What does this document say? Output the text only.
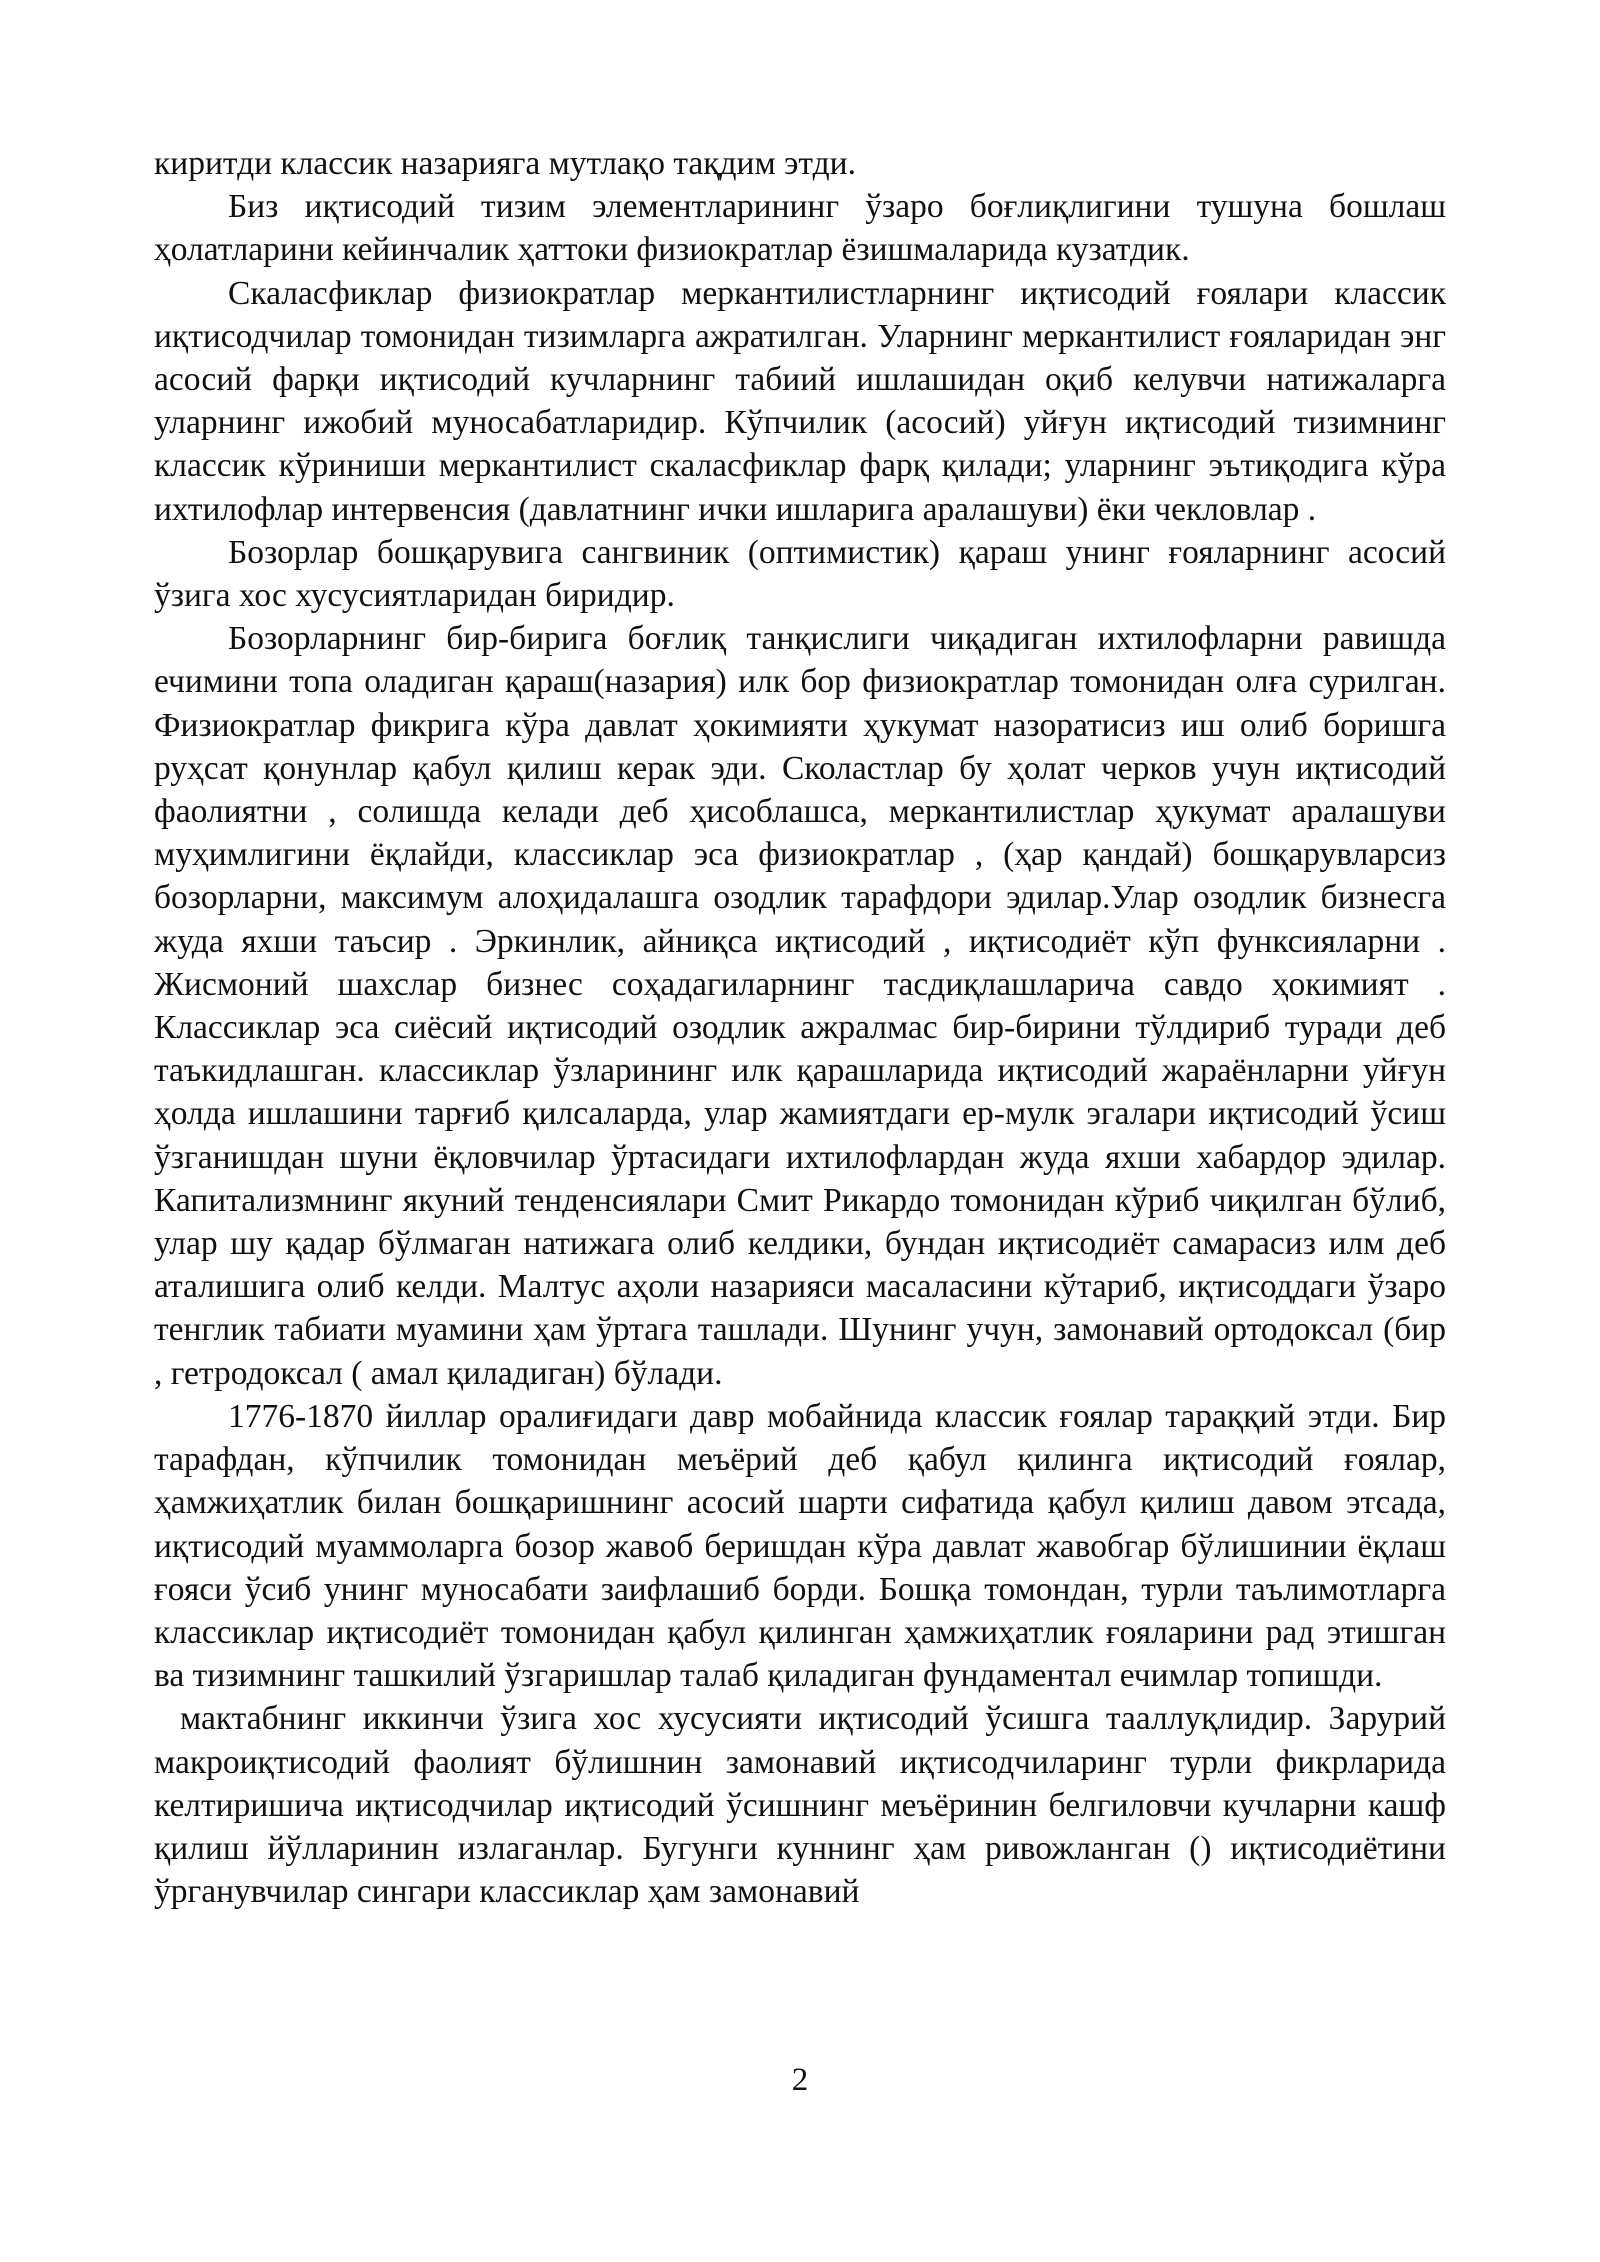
киритди классик назарияга мутлақо тақдим этди.

Биз иқтисодий тизим элементларининг ўзаро боғлиқлигини тушуна бошлаш ҳолатларини кейинчалик ҳаттоки физиократлар ёзишмаларида кузатдик.

Скаласфиклар физиократлар меркантилистларнинг иқтисодий ғоялари классик иқтисодчилар томонидан тизимларга ажратилган. Уларнинг меркантилист ғояларидан энг асосий фарқи иқтисодий кучларнинг табиий ишлашидан оқиб келувчи натижаларга уларнинг ижобий муносабатларидир. Кўпчилик (асосий) уйғун иқтисодий тизимнинг классик кўриниши меркантилист скаласфиклар фарқ қилади; уларнинг эътиқодига кўра ихтилофлар интервенсия (давлатнинг ички ишларига аралашуви) ёки чекловлар .

Бозорлар бошқарувига сангвиник (оптимистик) қараш унинг ғояларнинг асосий ўзига хос хусусиятларидан биридир.

Бозорларнинг бир-бирига боғлиқ танқислиги чиқадиган ихтилофларни равишда ечимини топа оладиган қараш(назария) илк бор физиократлар томонидан олға сурилган. Физиократлар фикрига кўра давлат ҳокимияти ҳукумат назоратисиз иш олиб боришга руҳсат қонунлар қабул қилиш керак эди. Сколастлар бу ҳолат черков учун иқтисодий фаолиятни , солишда келади деб ҳисоблашса, меркантилистлар ҳукумат аралашуви муҳимлигини ёқлайди, классиклар эса физиократлар , (ҳар қандай) бошқарувларсиз бозорларни, максимум алоҳидалашга озодлик тарафдори эдилар.Улар озодлик бизнесга жуда яхши таъсир . Эркинлик, айниқса иқтисодий , иқтисодиёт кўп функсияларни . Жисмоний шахслар бизнес соҳадагиларнинг тасдиқлашларича савдо ҳокимият . Классиклар эса сиёсий иқтисодий озодлик ажралмас бир-бирини тўлдириб туради деб таъкидлашган. классиклар ўзларининг илк қарашларида иқтисодий жараёнларни уйғун ҳолда ишлашини тарғиб қилсаларда, улар жамиятдаги ер-мулк эгалари иқтисодий ўсиш ўзганишдан шуни ёқловчилар ўртасидаги ихтилофлардан жуда яхши хабардор эдилар. Капитализмнинг якуний тенденсиялари Смит Рикардо томонидан кўриб чиқилган бўлиб, улар шу қадар бўлмаган натижага олиб келдики, бундан иқтисодиёт самарасиз илм деб аталишига олиб келди. Малтус аҳоли назарияси масаласини кўтариб, иқтисоддаги ўзаро тенглик табиати муамини ҳам ўртага ташлади. Шунинг учун, замонавий ортодоксал (бир , гетродоксал ( амал қиладиган) бўлади.

1776-1870 йиллар оралиғидаги давр мобайнида классик ғоялар тараққий этди. Бир тарафдан, кўпчилик томонидан меъёрий деб қабул қилинга иқтисодий ғоялар, ҳамжиҳатлик билан бошқаришнинг асосий шарти сифатида қабул қилиш давом этсада, иқтисодий муаммоларга бозор жавоб беришдан кўра давлат жавобгар бўлишинии ёқлаш ғояси ўсиб унинг муносабати заифлашиб борди. Бошқа томондан, турли таълимотларга классиклар иқтисодиёт томонидан қабул қилинган ҳамжиҳатлик ғояларини рад этишган ва тизимнинг ташкилий ўзгаришлар талаб қиладиган фундаментал ечимлар топишди.

мактабнинг иккинчи ўзига хос хусусияти иқтисодий ўсишга тааллуқлидир. Зарурий макроиқтисодий фаолият бўлишнин замонавий иқтисодчиларинг турли фикрларида келтиришича иқтисодчилар иқтисодий ўсишнинг меъёринин белгиловчи кучларни кашф қилиш йўлларинин излаганлар. Бугунги куннинг ҳам ривожланган () иқтисодиётини ўрганувчилар сингари классиклар ҳам замонавий

2
